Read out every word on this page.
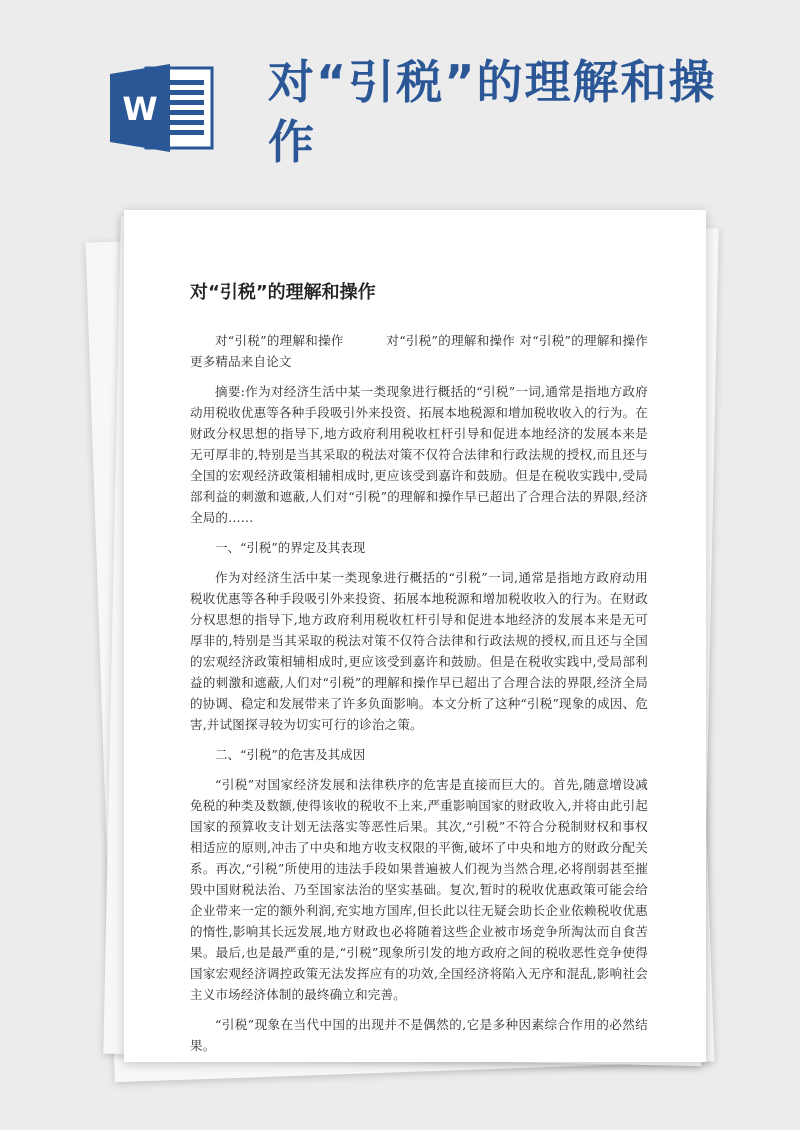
W 对“引税”的理解和操作
对“引税”的理解和操作

对“引税”的理解和操作 　　　对“引税”的理解和操作 对“引税”的理解和操作更多精品来自论文

摘要:作为对经济生活中某一类现象进行概括的“引税”一词,通常是指地方政府动用税收优惠等各种手段吸引外来投资、拓展本地税源和增加税收收入的行为。在财政分权思想的指导下,地方政府利用税收杠杆引导和促进本地经济的发展本来是无可厚非的,特别是当其采取的税法对策不仅符合法律和行政法规的授权,而且还与全国的宏观经济政策相辅相成时,更应该受到嘉许和鼓励。但是在税收实践中,受局部利益的刺激和遮蔽,人们对“引税”的理解和操作早已超出了合理合法的界限,经济全局的……

一、“引税”的界定及其表现

作为对经济生活中某一类现象进行概括的“引税”一词,通常是指地方政府动用税收优惠等各种手段吸引外来投资、拓展本地税源和增加税收收入的行为。在财政分权思想的指导下,地方政府利用税收杠杆引导和促进本地经济的发展本来是无可厚非的,特别是当其采取的税法对策不仅符合法律和行政法规的授权,而且还与全国的宏观经济政策相辅相成时,更应该受到嘉许和鼓励。但是在税收实践中,受局部利益的刺激和遮蔽,人们对“引税”的理解和操作早已超出了合理合法的界限,经济全局的协调、稳定和发展带来了许多负面影响。本文分析了这种“引税”现象的成因、危害,并试图探寻较为切实可行的诊治之策。

二、“引税”的危害及其成因

“引税”对国家经济发展和法律秩序的危害是直接而巨大的。首先,随意增设减免税的种类及数额,使得该收的税收不上来,严重影响国家的财政收入,并将由此引起国家的预算收支计划无法落实等恶性后果。其次,“引税”不符合分税制财权和事权相适应的原则,冲击了中央和地方收支权限的平衡,破坏了中央和地方的财政分配关系。再次,“引税”所使用的违法手段如果普遍被人们视为当然合理,必将削弱甚至摧毁中国财税法治、乃至国家法治的坚实基础。复次,暂时的税收优惠政策可能会给企业带来一定的额外利润,充实地方国库,但长此以往无疑会助长企业依赖税收优惠的惰性,影响其长远发展,地方财政也必将随着这些企业被市场竞争所淘汰而自食苦果。最后,也是最严重的是,“引税”现象所引发的地方政府之间的税收恶性竞争使得国家宏观经济调控政策无法发挥应有的功效,全国经济将陷入无序和混乱,影响社会主义市场经济体制的最终确立和完善。

“引税”现象在当代中国的出现并不是偶然的,它是多种因素综合作用的必然结果。
